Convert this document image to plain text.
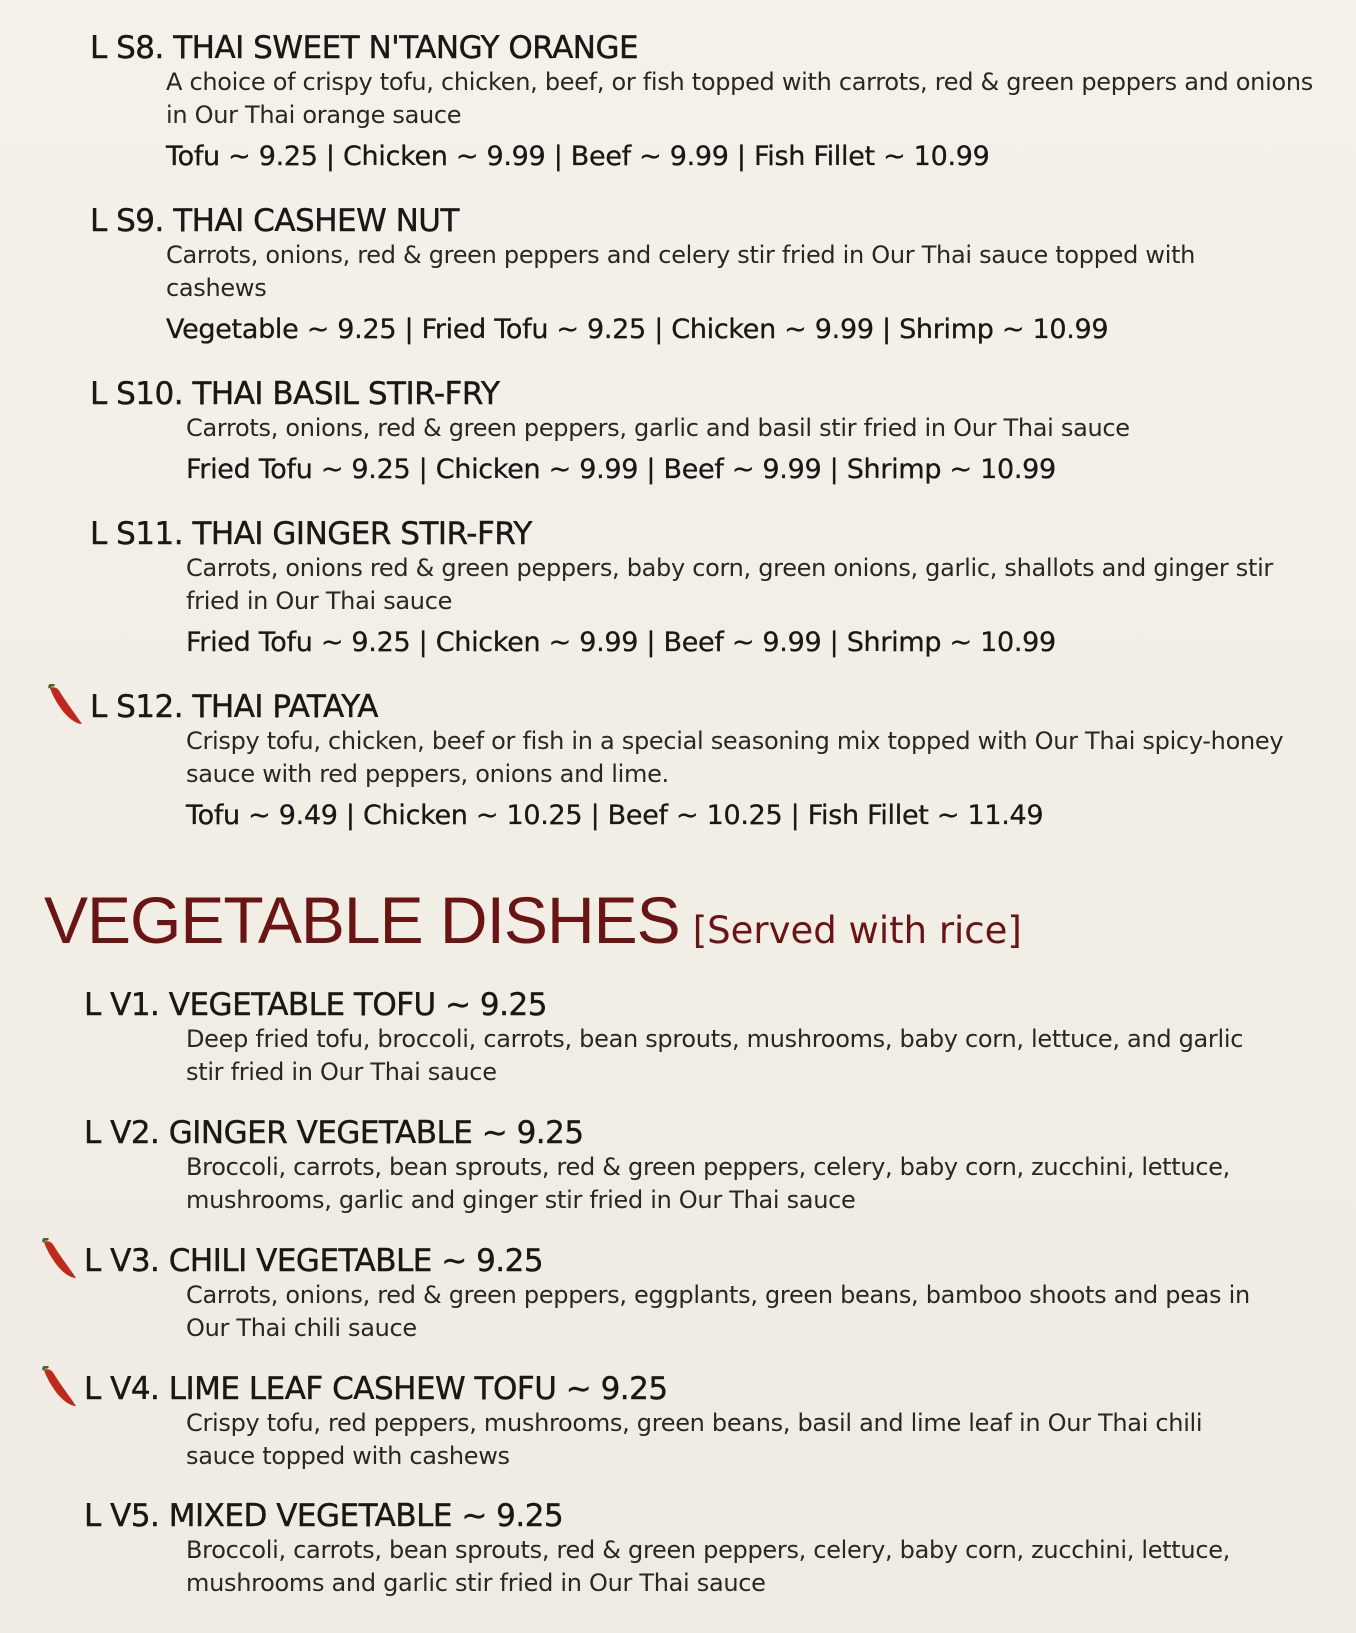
L S8. THAI SWEET N'TANGY ORANGE
A choice of crispy tofu, chicken, beef, or fish topped with carrots, red & green peppers and onions in Our Thai orange sauce
Tofu ~ 9.25 | Chicken ~ 9.99 | Beef ~ 9.99 | Fish Fillet ~ 10.99
L S9. THAI CASHEW NUT
Carrots, onions, red & green peppers and celery stir fried in Our Thai sauce topped with cashews
Vegetable ~ 9.25 | Fried Tofu ~ 9.25 | Chicken ~ 9.99 | Shrimp ~ 10.99
L S10. THAI BASIL STIR-FRY
Carrots, onions, red & green peppers, garlic and basil stir fried in Our Thai sauce
Fried Tofu ~ 9.25 | Chicken ~ 9.99 | Beef ~ 9.99 | Shrimp ~ 10.99
L S11. THAI GINGER STIR-FRY
Carrots, onions red & green peppers, baby corn, green onions, garlic, shallots and ginger stir fried in Our Thai sauce
Fried Tofu ~ 9.25 | Chicken ~ 9.99 | Beef ~ 9.99 | Shrimp ~ 10.99
L S12. THAI PATAYA
Crispy tofu, chicken, beef or fish in a special seasoning mix topped with Our Thai spicy-honey sauce with red peppers, onions and lime.
Tofu ~ 9.49 | Chicken ~ 10.25 | Beef ~ 10.25 | Fish Fillet ~ 11.49
VEGETABLE DISHES [Served with rice]
L V1. VEGETABLE TOFU ~ 9.25
Deep fried tofu, broccoli, carrots, bean sprouts, mushrooms, baby corn, lettuce, and garlic stir fried in Our Thai sauce
L V2. GINGER VEGETABLE ~ 9.25
Broccoli, carrots, bean sprouts, red & green peppers, celery, baby corn, zucchini, lettuce, mushrooms, garlic and ginger stir fried in Our Thai sauce
L V3. CHILI VEGETABLE ~ 9.25
Carrots, onions, red & green peppers, eggplants, green beans, bamboo shoots and peas in Our Thai chili sauce
L V4. LIME LEAF CASHEW TOFU ~ 9.25
Crispy tofu, red peppers, mushrooms, green beans, basil and lime leaf in Our Thai chili sauce topped with cashews
L V5. MIXED VEGETABLE ~ 9.25
Broccoli, carrots, bean sprouts, red & green peppers, celery, baby corn, zucchini, lettuce, mushrooms and garlic stir fried in Our Thai sauce
